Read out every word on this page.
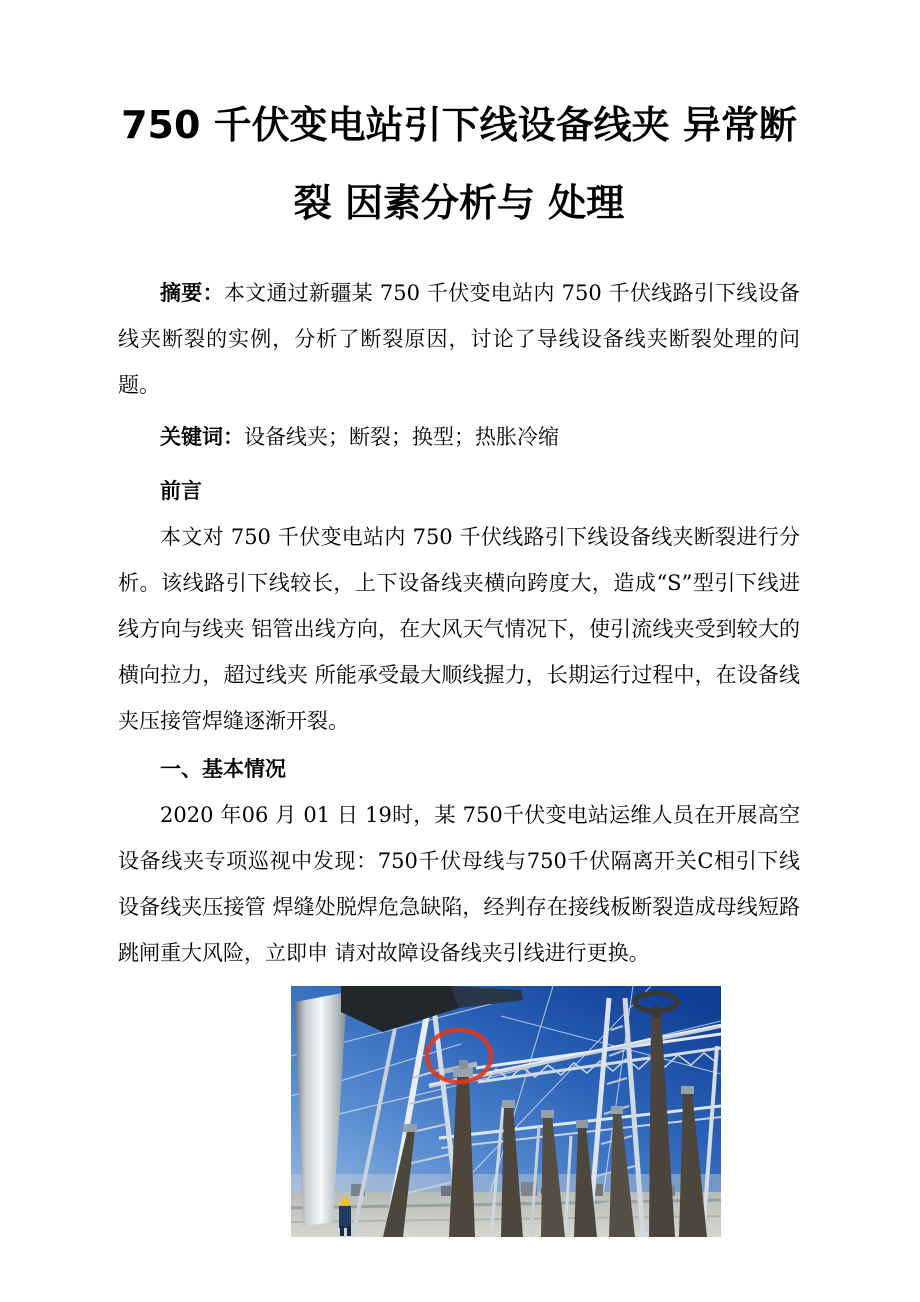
750 千伏变电站引下线设备线夹 异常断
裂 因素分析与 处理

摘要：本文通过新疆某 750 千伏变电站内 750 千伏线路引下线设备线夹断裂的实例，分析了断裂原因，讨论了导线设备线夹断裂处理的问题。

关键词：设备线夹；断裂；换型；热胀冷缩

前言

本文对 750 千伏变电站内 750 千伏线路引下线设备线夹断裂进行分析。该线路引下线较长，上下设备线夹横向跨度大，造成“S”型引下线进线方向与线夹 铝管出线方向，在大风天气情况下，使引流线夹受到较大的横向拉力，超过线夹 所能承受最大顺线握力，长期运行过程中，在设备线夹压接管焊缝逐渐开裂。

一、基本情况

2020 年06 月 01 日 19时，某 750千伏变电站运维人员在开展高空设备线夹专项巡视中发现：750千伏母线与750千伏隔离开关C相引下线设备线夹压接管 焊缝处脱焊危急缺陷，经判存在接线板断裂造成母线短路跳闸重大风险，立即申 请对故障设备线夹引线进行更换。
